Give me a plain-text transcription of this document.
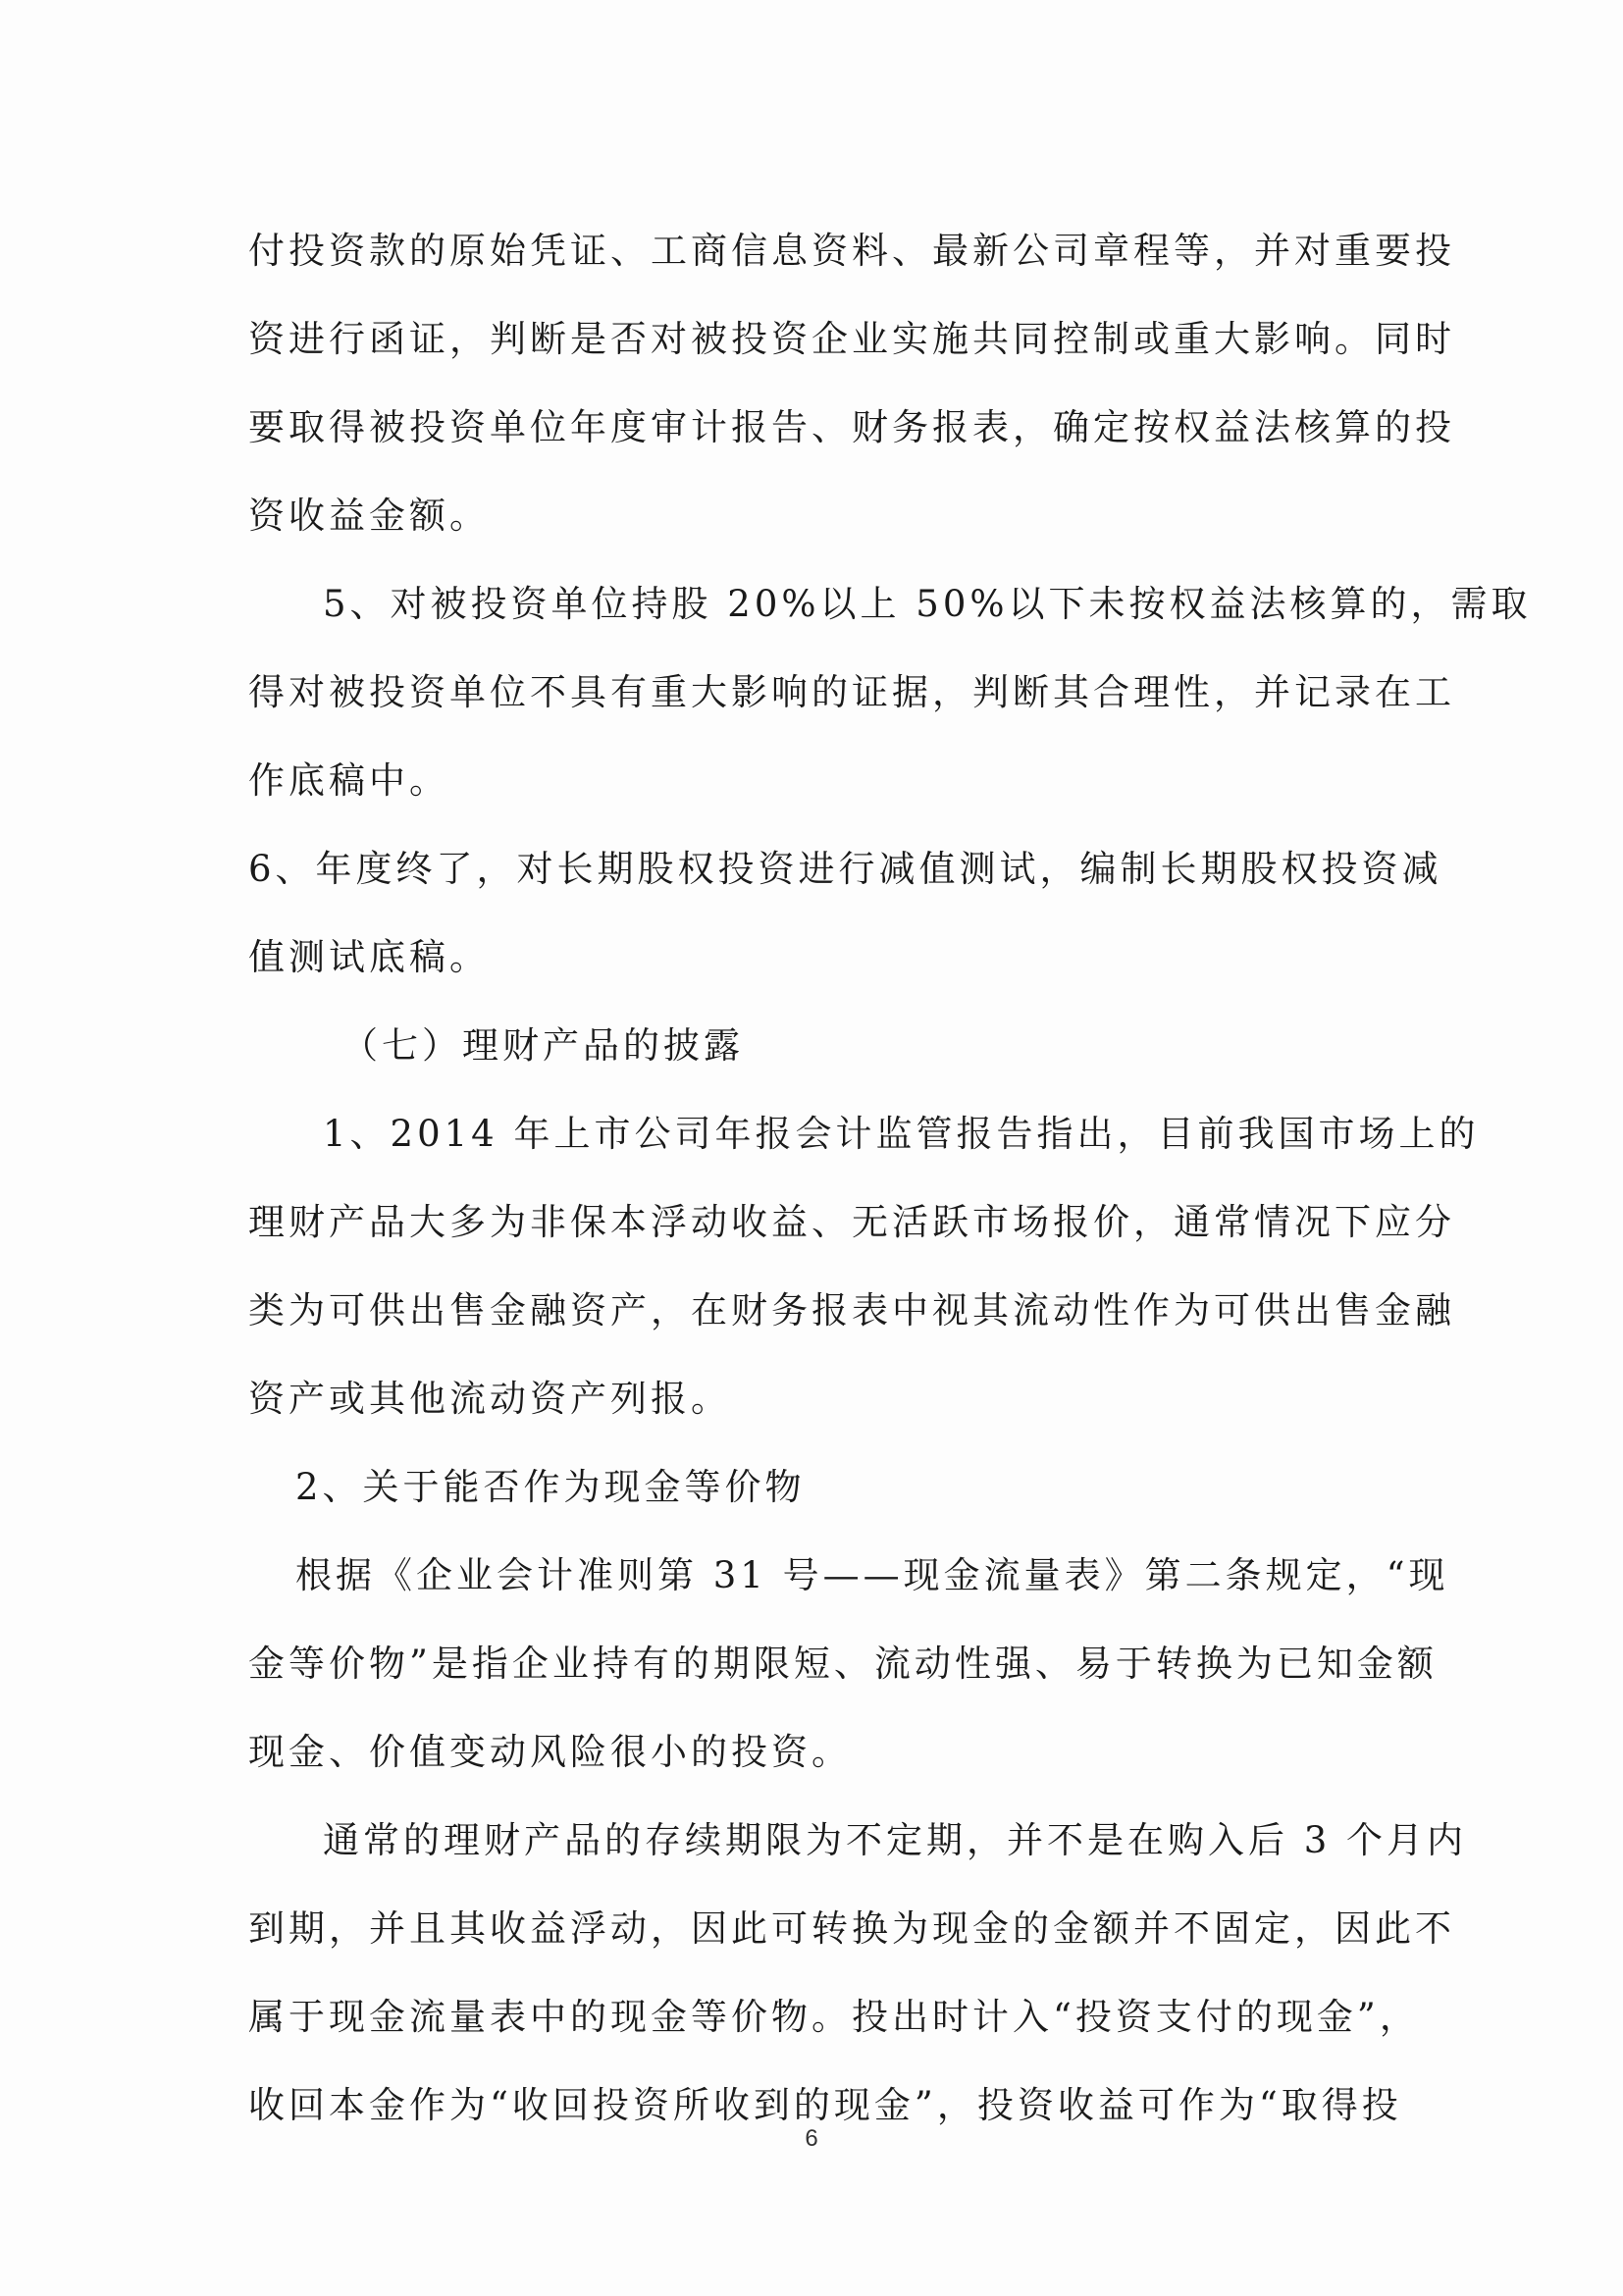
付投资款的原始凭证、工商信息资料、最新公司章程等，并对重要投
资进行函证，判断是否对被投资企业实施共同控制或重大影响。同时
要取得被投资单位年度审计报告、财务报表，确定按权益法核算的投
资收益金额。
5、对被投资单位持股 20%以上 50%以下未按权益法核算的，需取
得对被投资单位不具有重大影响的证据，判断其合理性，并记录在工
作底稿中。
6、年度终了，对长期股权投资进行减值测试，编制长期股权投资减
值测试底稿。
（七）理财产品的披露
1、2014 年上市公司年报会计监管报告指出，目前我国市场上的
理财产品大多为非保本浮动收益、无活跃市场报价，通常情况下应分
类为可供出售金融资产，在财务报表中视其流动性作为可供出售金融
资产或其他流动资产列报。
2、关于能否作为现金等价物
根据《企业会计准则第 31 号——现金流量表》第二条规定，“现
金等价物”是指企业持有的期限短、流动性强、易于转换为已知金额
现金、价值变动风险很小的投资。
通常的理财产品的存续期限为不定期，并不是在购入后 3 个月内
到期，并且其收益浮动，因此可转换为现金的金额并不固定，因此不
属于现金流量表中的现金等价物。投出时计入“投资支付的现金”，
收回本金作为“收回投资所收到的现金”，投资收益可作为“取得投
6
